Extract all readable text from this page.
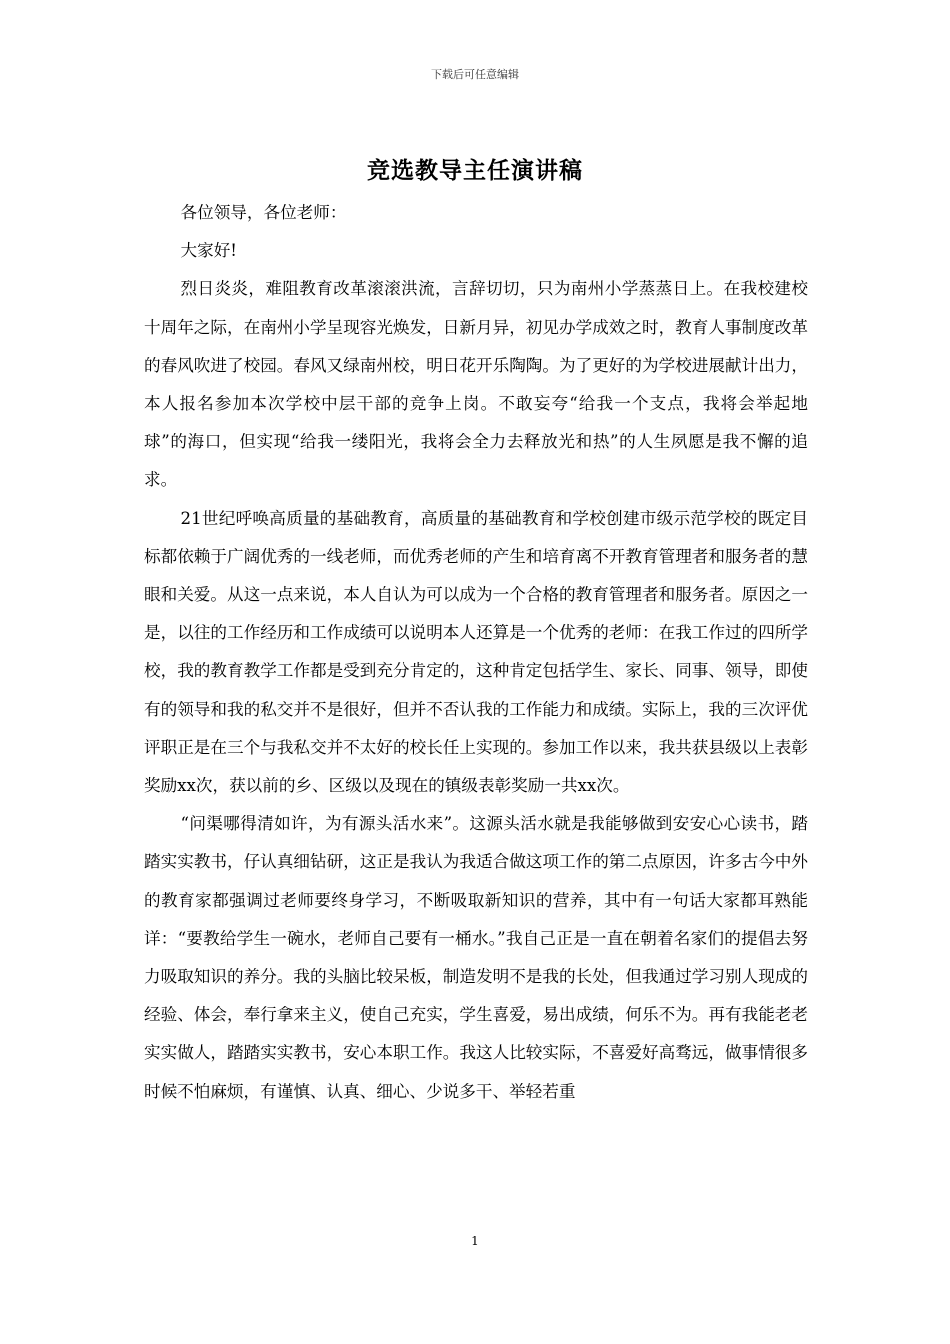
下载后可任意编辑
竞选教导主任演讲稿

各位领导，各位老师：

大家好!

烈日炎炎，难阻教育改革滚滚洪流，言辞切切，只为南州小学蒸蒸日上。在我校建校十周年之际，在南州小学呈现容光焕发，日新月异，初见办学成效之时，教育人事制度改革的春风吹进了校园。春风又绿南州校，明日花开乐陶陶。为了更好的为学校进展献计出力，本人报名参加本次学校中层干部的竞争上岗。不敢妄夸“给我一个支点，我将会举起地球”的海口，但实现“给我一缕阳光，我将会全力去释放光和热”的人生夙愿是我不懈的追求。

21世纪呼唤高质量的基础教育，高质量的基础教育和学校创建市级示范学校的既定目标都依赖于广阔优秀的一线老师，而优秀老师的产生和培育离不开教育管理者和服务者的慧眼和关爱。从这一点来说，本人自认为可以成为一个合格的教育管理者和服务者。原因之一是，以往的工作经历和工作成绩可以说明本人还算是一个优秀的老师：在我工作过的四所学校，我的教育教学工作都是受到充分肯定的，这种肯定包括学生、家长、同事、领导，即使有的领导和我的私交并不是很好，但并不否认我的工作能力和成绩。实际上，我的三次评优评职正是在三个与我私交并不太好的校长任上实现的。参加工作以来，我共获县级以上表彰奖励xx次，获以前的乡、区级以及现在的镇级表彰奖励一共xx次。

“问渠哪得清如许，为有源头活水来”。这源头活水就是我能够做到安安心心读书，踏踏实实教书，仔认真细钻研，这正是我认为我适合做这项工作的第二点原因，许多古今中外的教育家都强调过老师要终身学习，不断吸取新知识的营养，其中有一句话大家都耳熟能详：“要教给学生一碗水，老师自己要有一桶水。”我自己正是一直在朝着名家们的提倡去努力吸取知识的养分。我的头脑比较呆板，制造发明不是我的长处，但我通过学习别人现成的经验、体会，奉行拿来主义，使自己充实，学生喜爱，易出成绩，何乐不为。再有我能老老实实做人，踏踏实实教书，安心本职工作。我这人比较实际，不喜爱好高骛远，做事情很多时候不怕麻烦，有谨慎、认真、细心、少说多干、举轻若重

1
